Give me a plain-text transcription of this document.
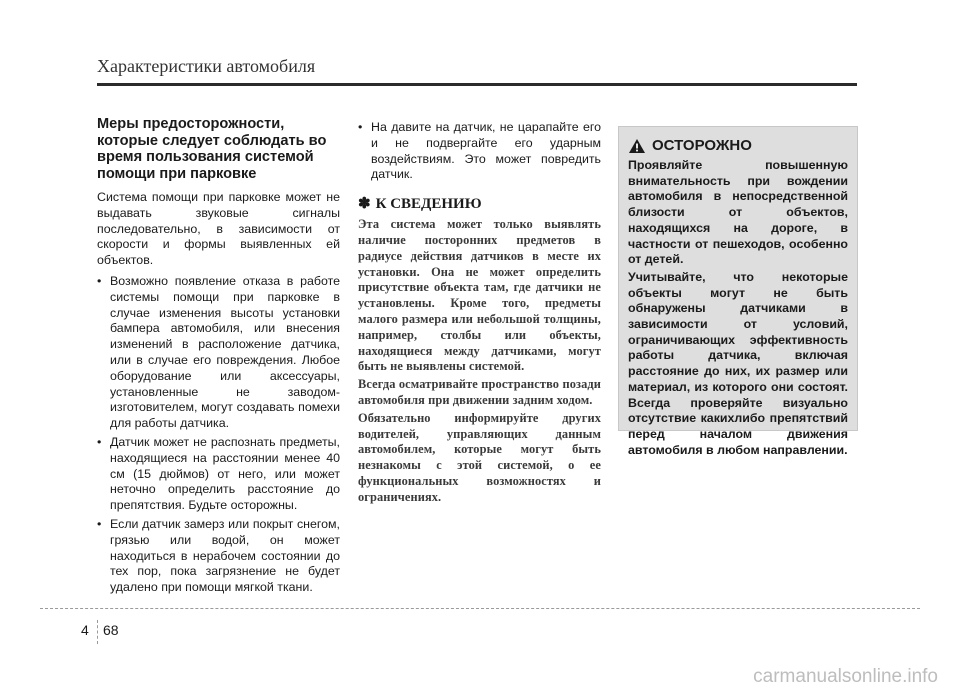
Характеристики автомобиля
Меры предосторожности, которые следует соблюдать во время пользования системой помощи при парковке

Система помощи при парковке может не выдавать звуковые сигналы последовательно, в зависимости от скорости и формы выявленных ей объектов.

• Возможно появление отказа в работе системы помощи при парковке в случае изменения высоты установки бампера автомобиля, или внесения изменений в расположение датчика, или в случае его повреждения. Любое оборудование или аксессуары, установленные не заводом-изготовителем, могут создавать помехи для работы датчика.
• Датчик может не распознать предметы, находящиеся на расстоянии менее 40 см (15 дюймов) от него, или может неточно определить расстояние до препятствия. Будьте осторожны.
• Если датчик замерз или покрыт снегом, грязью или водой, он может находиться в нерабочем состоянии до тех пор, пока загрязнение не будет удалено при помощи мягкой ткани.
• На давите на датчик, не царапайте его и не подвергайте его ударным воздействиям. Это может повредить датчик.
✽ К СВЕДЕНИЮ

Эта система может только выявлять наличие посторонних предметов в радиусе действия датчиков в месте их установки. Она не может определить присутствие объекта там, где датчики не установлены. Кроме того, предметы малого размера или небольшой толщины, например, столбы или объекты, находящиеся между датчиками, могут быть не выявлены системой.

Всегда осматривайте пространство позади автомобиля при движении задним ходом.

Обязательно информируйте других водителей, управляющих данным автомобилем, которые могут быть незнакомы с этой системой, о ее функциональных возможностях и ограничениях.

ОСТОРОЖНО

Проявляйте повышенную внимательность при вождении автомобиля в непосредственной близости от объектов, находящихся на дороге, в частности от пешеходов, особенно от детей.

Учитывайте, что некоторые объекты могут не быть обнаружены датчиками в зависимости от условий, ограничивающих эффективность работы датчика, включая расстояние до них, их размер или материал, из которого они состоят. Всегда проверяйте визуально отсутствие какихлибо препятствий перед началом движения автомобиля в любом направлении.

4 68
carmanualsonline.info
